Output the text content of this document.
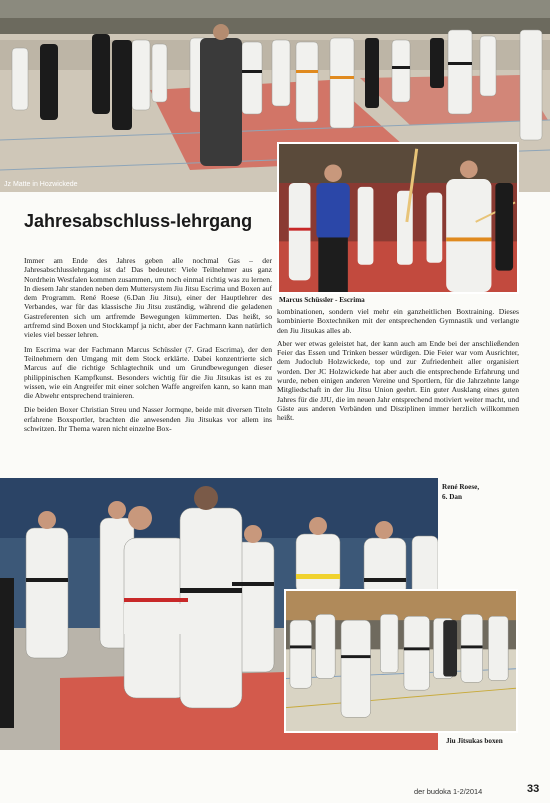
Jz Matte in Hozwickede
Marcus Schüssler - Escrima
Jahresabschluss-lehrgang

Immer am Ende des Jahres geben alle nochmal Gas – der Jahresabschlusslehrgang ist da! Das bedeutet: Viele Teilnehmer aus ganz Nordrhein Westfalen kommen zusammen, um noch einmal richtig was zu lernen. In diesem Jahr standen neben dem Muttersystem Jiu Jitsu Escrima und Boxen auf dem Programm. René Roese (6.Dan Jiu Jitsu), einer der Hauptlehrer des Verbandes, war für das klassische Jiu Jitsu zuständig, während die geladenen Gastreferenten sich um artfremde Bewegungen kümmerten. Das heißt, so artfremd sind Boxen und Stockkampf ja nicht, aber der Fachmann kann natürlich vieles viel besser lehren.

Im Escrima war der Fachmann Marcus Schüssler (7. Grad Escrima), der den Teilnehmern den Umgang mit dem Stock erklärte. Dabei konzentrierte sich Marcus auf die richtige Schlagtechnik und um Grundbewegungen dieser philippinischen Kampfkunst. Besonders wichtig für die Jiu Jitsukas ist es zu wissen, wie ein Angreifer mit einer solchen Waffe angreifen kann, so kann man die Abwehr entsprechend trainieren.

Die beiden Boxer Christian Streu und Nasser Jormqne, beide mit diversen Titeln erfahrene Boxsportler, brachten die anwesenden Jiu Jitsukas vor allem ins schwitzen. Ihr Thema waren nicht einzelne Box-

kombinationen, sondern viel mehr ein ganzheitlichen Boxtraining. Dieses kombinierte Boxtechniken mit der entsprechenden Gymnastik und verlangte den Jiu Jitsukas alles ab.

Aber wer etwas geleistet hat, der kann auch am Ende bei der anschließenden Feier das Essen und Trinken besser würdigen. Die Feier war vom Ausrichter, dem Judoclub Holzwickede, top und zur Zufriedenheit aller organisiert worden. Der JC Holzwickede hat aber auch die entsprechende Erfahrung und wurde, neben einigen anderen Vereine und Sportlern, für die Jahrzehnte lange Mitgliedschaft in der Jiu Jitsu Union geehrt. Ein guter Ausklang eines guten Jahres für die JJU, die im neuen Jahr entsprechend motiviert weiter macht, und Gäste aus anderen Verbänden und Disziplinen immer herzlich willkommen heißt.

René Roese,
6. Dan
Jiu Jitsukas boxen
der budoka 1-2/2014	33
